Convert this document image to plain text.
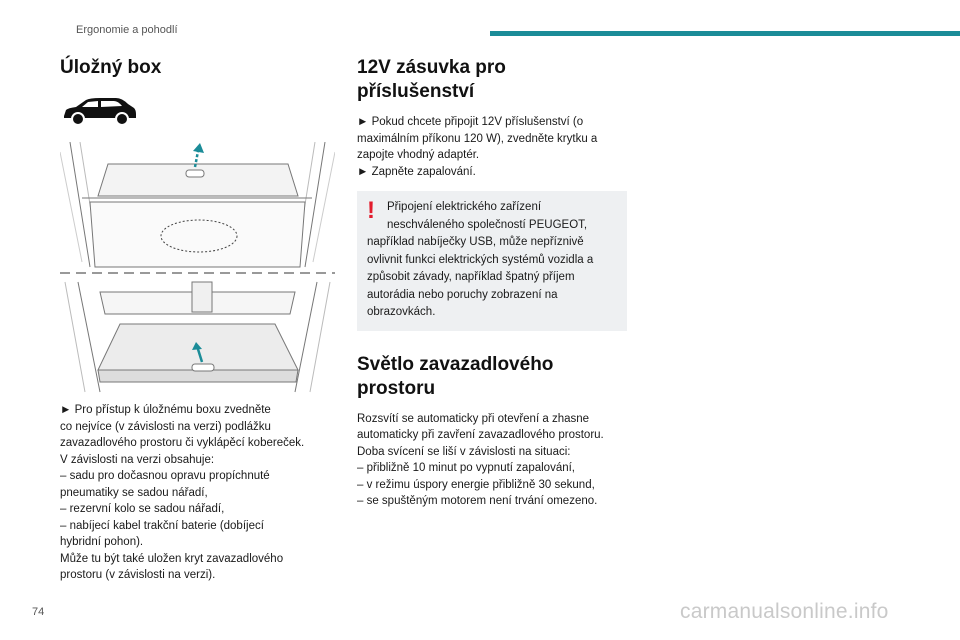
Ergonomie a pohodlí
Úložný box

► Pro přístup k úložnému boxu zvedněte

co nejvíce (v závislosti na verzi) podlážku

zavazadlového prostoru či vyklápěcí kobereček.

V závislosti na verzi obsahuje:

– sadu pro dočasnou opravu propíchnuté

pneumatiky se sadou nářadí,

– rezervní kolo se sadou nářadí,

– nabíjecí kabel trakční baterie (dobíjecí

hybridní pohon).

Může tu být také uložen kryt zavazadlového

prostoru (v závislosti na verzi).

12V zásuvka pro
příslušenství

► Pokud chcete připojit 12V příslušenství (o

maximálním příkonu 120 W), zvedněte krytku a

zapojte vhodný adaptér.

► Zapněte zapalování.

!	Připojení elektrického zařízení
neschváleného společností PEUGEOT,
například nabíječky USB, může nepříznivě
ovlivnit funkci elektrických systémů vozidla a
způsobit závady, například špatný příjem
autorádia nebo poruchy zobrazení na
obrazovkách.
Světlo zavazadlového
prostoru

Rozsvítí se automaticky při otevření a zhasne

automaticky při zavření zavazadlového prostoru.

Doba svícení se liší v závislosti na situaci:

– přibližně 10 minut po vypnutí zapalování,

– v režimu úspory energie přibližně 30 sekund,

– se spuštěným motorem není trvání omezeno.

74	carmanualsonline.info
